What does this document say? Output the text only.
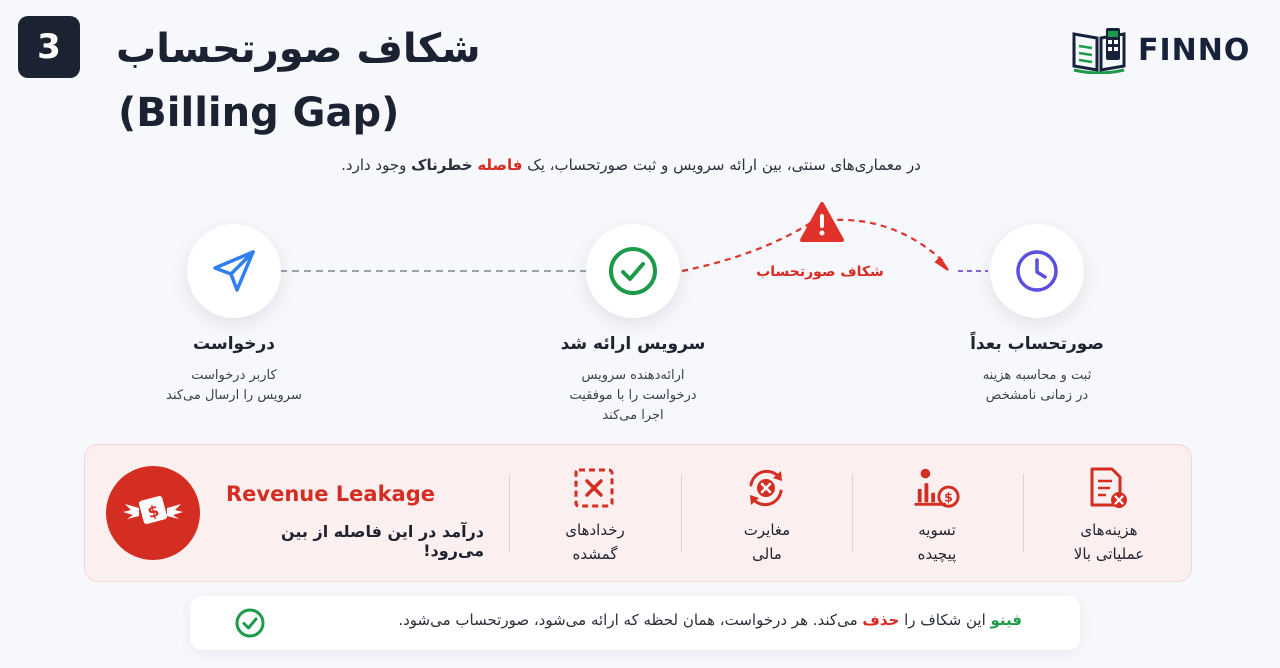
3	شکاف صورتحساب
(Billing Gap)
FINNO
در معماری‌های سنتی، بین ارائه سرویس و ثبت صورتحساب، یک فاصله خطرناک وجود دارد.
شکاف صورتحساب
درخواست
کاربر درخواست
سرویس را ارسال می‌کند
سرویس ارائه شد
ارائه‌دهنده سرویس
درخواست را با موفقیت
اجرا می‌کند
صورتحساب بعداً
ثبت و محاسبه هزینه
در زمانی نامشخص
$
Revenue Leakage
درآمد در این فاصله از بین می‌رود!
رخدادهای
گمشده
مغایرت
مالی
$
تسویه
پیچیده
هزینه‌های
عملیاتی بالا
فینو این شکاف را حذف می‌کند. هر درخواست، همان لحظه که ارائه می‌شود، صورتحساب می‌شود.
